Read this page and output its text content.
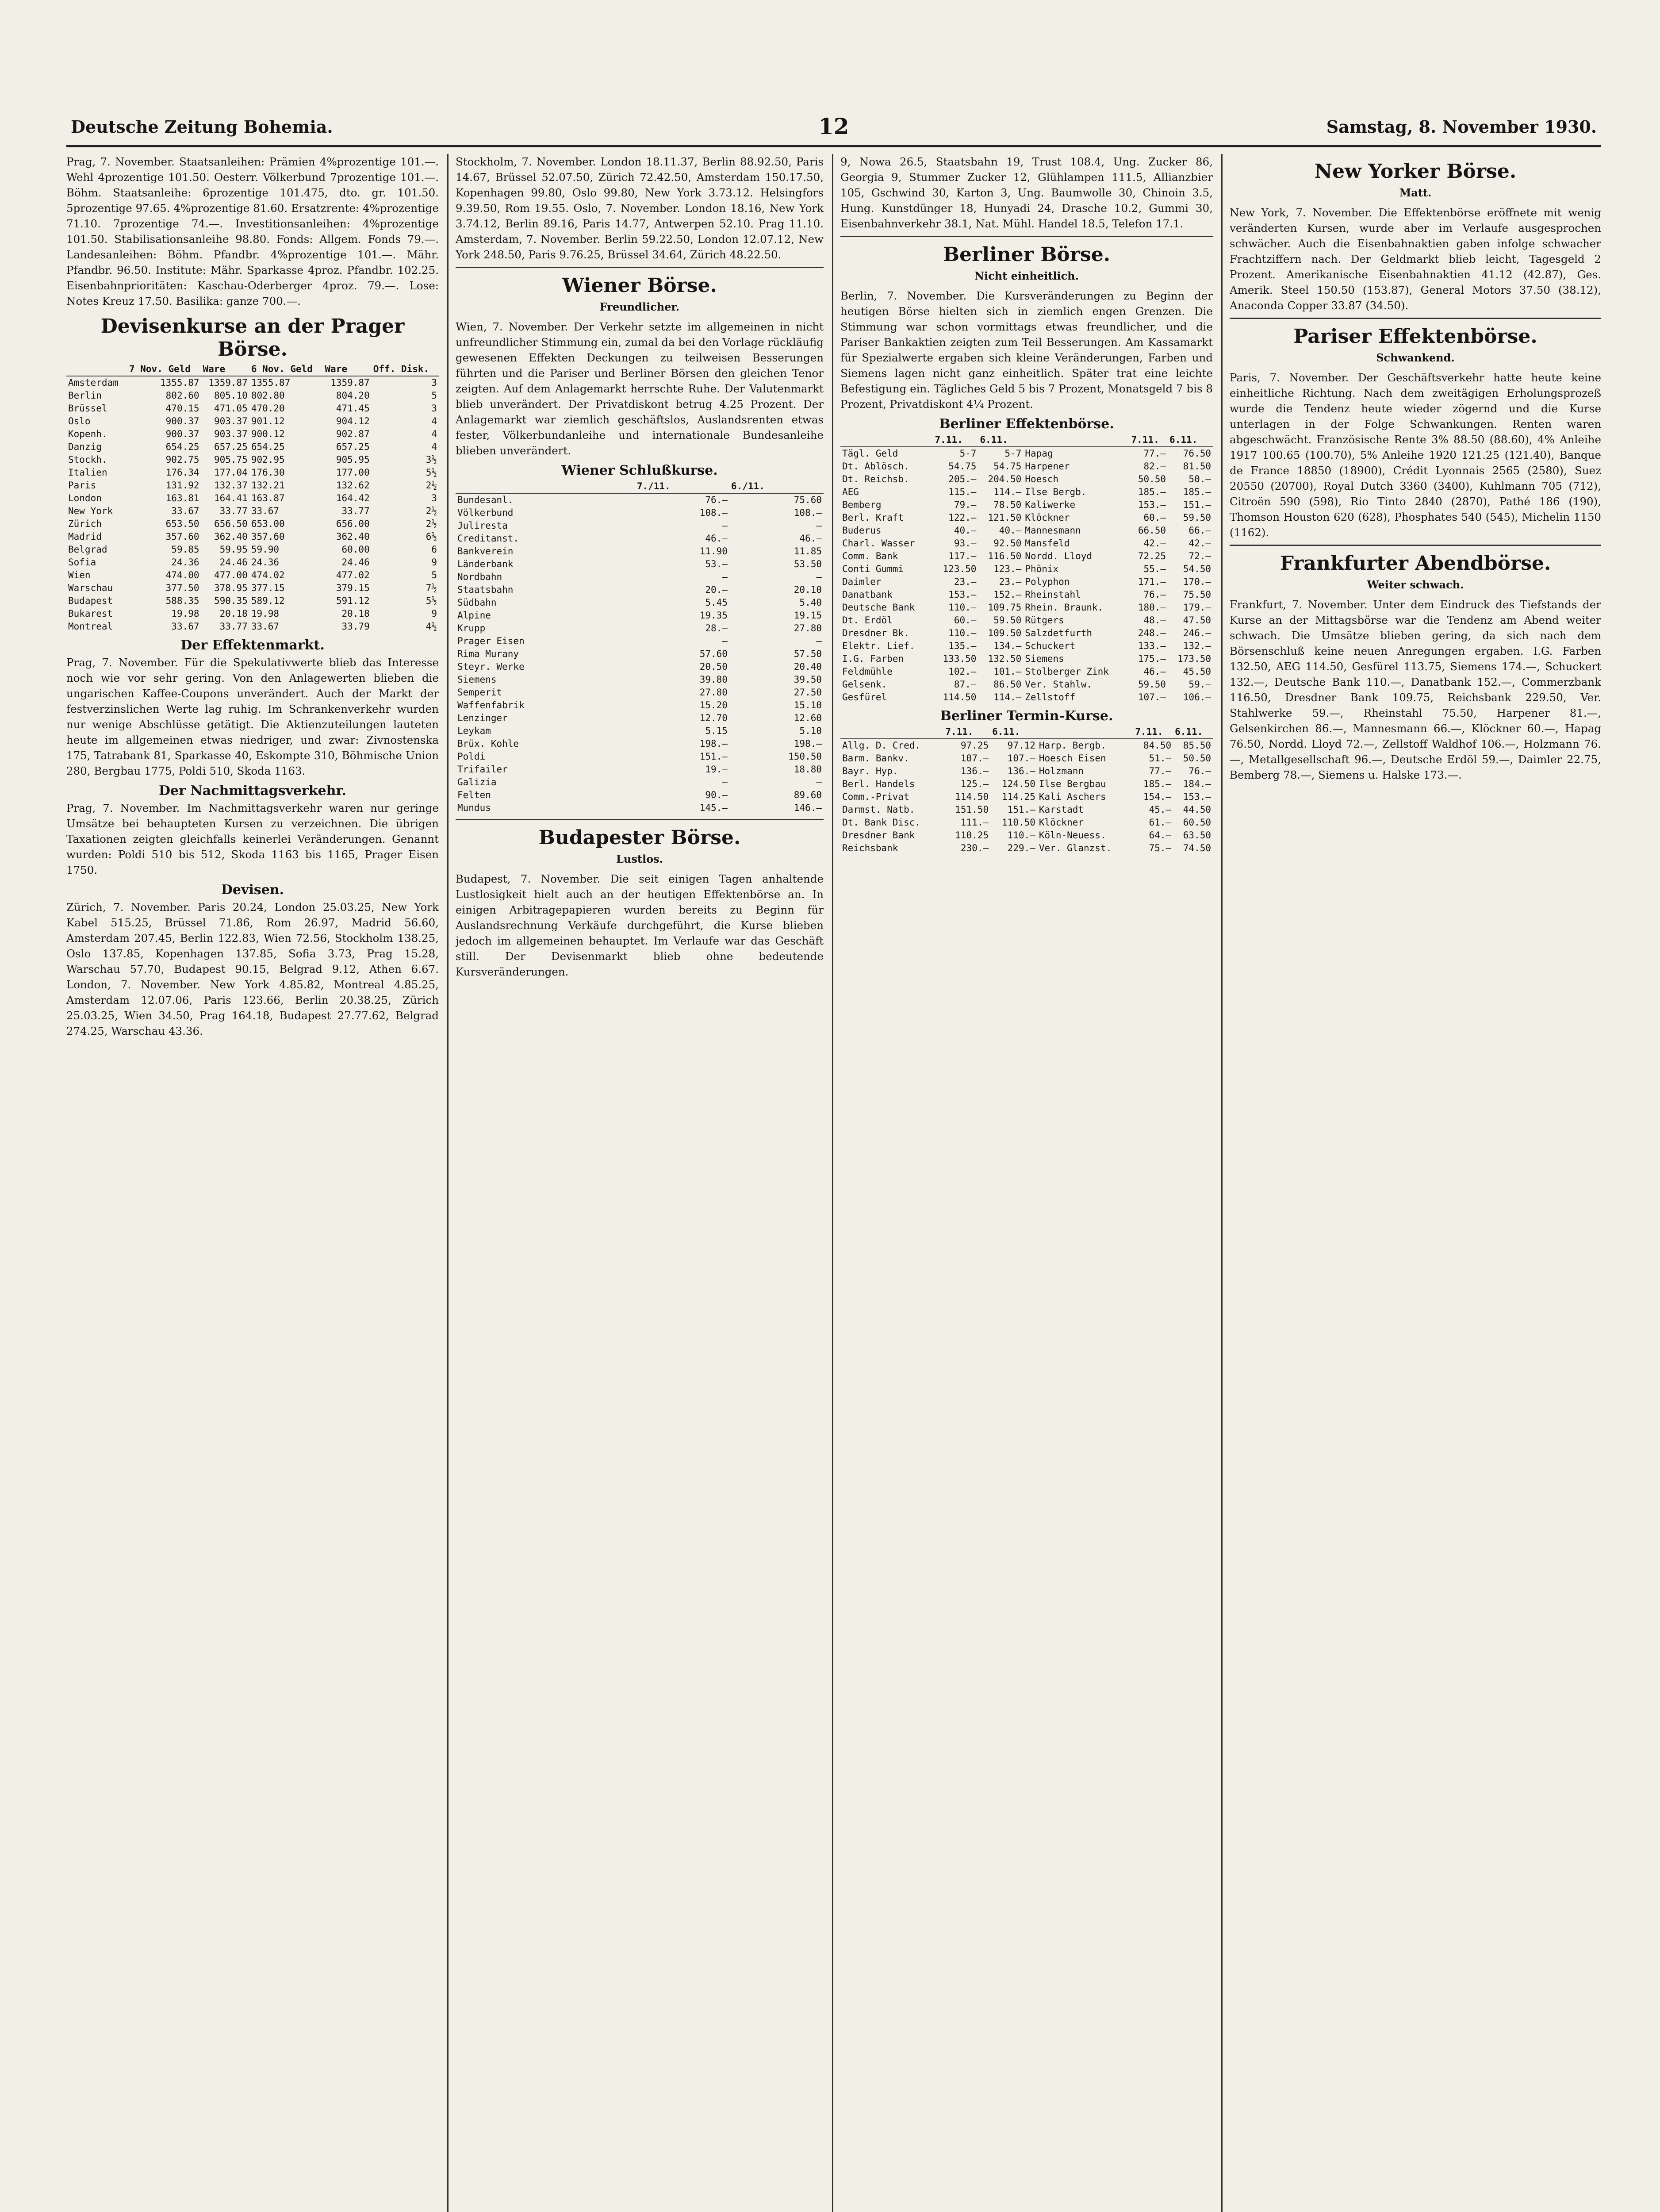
Deutsche Zeitung Bohemia.	12	Samstag, 8. November 1930.

Prag, 7. November. Staatsanleihen: Prämien 4%prozentige 101.—. Wehl 4prozentige 101.50. Oesterr. Völkerbund 7prozentige 101.—. Böhm. Staatsanleihe: 6prozentige 101.475, dto. gr. 101.50. 5prozentige 97.65. 4%prozentige 81.60. Ersatzrente: 4%prozentige 71.10. 7prozentige 74.—. Investitionsanleihen: 4%prozentige 101.50. Stabilisationsanleihe 98.80. Fonds: Allgem. Fonds 79.—. Landesanleihen: Böhm. Pfandbr. 4%prozentige 101.—. Mähr. Pfandbr. 96.50. Institute: Mähr. Sparkasse 4proz. Pfandbr. 102.25. Eisenbahnprioritäten: Kaschau-Oderberger 4proz. 79.—. Lose: Notes Kreuz 17.50. Basilika: ganze 700.—.

Devisenkurse an der Prager Börse.
	7 Nov. Geld	Ware	6 Nov. Geld	Ware	Off. Disk.
Amsterdam	1355.87	1359.87	1355.87	1359.87	3
Berlin	802.60	805.10	802.80	804.20	5
Brüssel	470.15	471.05	470.20	471.45	3
Oslo	900.37	903.37	901.12	904.12	4
Kopenh.	900.37	903.37	900.12	902.87	4
Danzig	654.25	657.25	654.25	657.25	4
Stockh.	902.75	905.75	902.95	905.95	3½
Italien	176.34	177.04	176.30	177.00	5½
Paris	131.92	132.37	132.21	132.62	2½
London	163.81	164.41	163.87	164.42	3
New York	33.67	33.77	33.67	33.77	2½
Zürich	653.50	656.50	653.00	656.00	2½
Madrid	357.60	362.40	357.60	362.40	6½
Belgrad	59.85	59.95	59.90	60.00	6
Sofia	24.36	24.46	24.36	24.46	9
Wien	474.00	477.00	474.02	477.02	5
Warschau	377.50	378.95	377.15	379.15	7½
Budapest	588.35	590.35	589.12	591.12	5½
Bukarest	19.98	20.18	19.98	20.18	9
Montreal	33.67	33.77	33.67	33.79	4½
Der Effektenmarkt.

Prag, 7. November. Für die Spekulativwerte blieb das Interesse noch wie vor sehr gering. Von den Anlagewerten blieben die ungarischen Kaffee-Coupons unverändert. Auch der Markt der festverzinslichen Werte lag ruhig. Im Schrankenverkehr wurden nur wenige Abschlüsse getätigt. Die Aktienzuteilungen lauteten heute im allgemeinen etwas niedriger, und zwar: Zivnostenska 175, Tatrabank 81, Sparkasse 40, Eskompte 310, Böhmische Union 280, Bergbau 1775, Poldi 510, Skoda 1163.

Der Nachmittagsverkehr.

Prag, 7. November. Im Nachmittagsverkehr waren nur geringe Umsätze bei behaupteten Kursen zu verzeichnen. Die übrigen Taxationen zeigten gleichfalls keinerlei Veränderungen. Genannt wurden: Poldi 510 bis 512, Skoda 1163 bis 1165, Prager Eisen 1750.

Devisen.

Zürich, 7. November. Paris 20.24, London 25.03.25, New York Kabel 515.25, Brüssel 71.86, Rom 26.97, Madrid 56.60, Amsterdam 207.45, Berlin 122.83, Wien 72.56, Stockholm 138.25, Oslo 137.85, Kopenhagen 137.85, Sofia 3.73, Prag 15.28, Warschau 57.70, Budapest 90.15, Belgrad 9.12, Athen 6.67. London, 7. November. New York 4.85.82, Montreal 4.85.25, Amsterdam 12.07.06, Paris 123.66, Berlin 20.38.25, Zürich 25.03.25, Wien 34.50, Prag 164.18, Budapest 27.77.62, Belgrad 274.25, Warschau 43.36.

Stockholm, 7. November. London 18.11.37, Berlin 88.92.50, Paris 14.67, Brüssel 52.07.50, Zürich 72.42.50, Amsterdam 150.17.50, Kopenhagen 99.80, Oslo 99.80, New York 3.73.12. Helsingfors 9.39.50, Rom 19.55. Oslo, 7. November. London 18.16, New York 3.74.12, Berlin 89.16, Paris 14.77, Antwerpen 52.10. Prag 11.10. Amsterdam, 7. November. Berlin 59.22.50, London 12.07.12, New York 248.50, Paris 9.76.25, Brüssel 34.64, Zürich 48.22.50.

Wiener Börse.
Freundlicher.

Wien, 7. November. Der Verkehr setzte im allgemeinen in nicht unfreundlicher Stimmung ein, zumal da bei den Vorlage rückläufig gewesenen Effekten Deckungen zu teilweisen Besserungen führten und die Pariser und Berliner Börsen den gleichen Tenor zeigten. Auf dem Anlagemarkt herrschte Ruhe. Der Valutenmarkt blieb unverändert. Der Privatdiskont betrug 4.25 Prozent. Der Anlagemarkt war ziemlich geschäftslos, Auslandsrenten etwas fester, Völkerbundanleihe und internationale Bundesanleihe blieben unverändert.

Wiener Schlußkurse.
	7./11.	6./11.
Bundesanl.	76.—	75.60
Völkerbund	108.—	108.—
Juliresta	—	—
Creditanst.	46.—	46.—
Bankverein	11.90	11.85
Länderbank	53.—	53.50
Nordbahn	—	—
Staatsbahn	20.—	20.10
Südbahn	5.45	5.40
Alpine	19.35	19.15
Krupp	28.—	27.80
Prager Eisen	—	—
Rima Murany	57.60	57.50
Steyr. Werke	20.50	20.40
Siemens	39.80	39.50
Semperit	27.80	27.50
Waffenfabrik	15.20	15.10
Lenzinger	12.70	12.60
Leykam	5.15	5.10
Brüx. Kohle	198.—	198.—
Poldi	151.—	150.50
Trifailer	19.—	18.80
Galizia	—	—
Felten	90.—	89.60
Mundus	145.—	146.—
Budapester Börse.
Lustlos.

Budapest, 7. November. Die seit einigen Tagen anhaltende Lustlosigkeit hielt auch an der heutigen Effektenbörse an. In einigen Arbitragepapieren wurden bereits zu Beginn für Auslandsrechnung Verkäufe durchgeführt, die Kurse blieben jedoch im allgemeinen behauptet. Im Verlaufe war das Geschäft still. Der Devisenmarkt blieb ohne bedeutende Kursveränderungen.

9, Nowa 26.5, Staatsbahn 19, Trust 108.4, Ung. Zucker 86, Georgia 9, Stummer Zucker 12, Glühlampen 111.5, Allianzbier 105, Gschwind 30, Karton 3, Ung. Baumwolle 30, Chinoin 3.5, Hung. Kunstdünger 18, Hunyadi 24, Drasche 10.2, Gummi 30, Eisenbahnverkehr 38.1, Nat. Mühl. Handel 18.5, Telefon 17.1.

Berliner Börse.
Nicht einheitlich.

Berlin, 7. November. Die Kursveränderungen zu Beginn der heutigen Börse hielten sich in ziemlich engen Grenzen. Die Stimmung war schon vormittags etwas freundlicher, und die Pariser Bankaktien zeigten zum Teil Besserungen. Am Kassamarkt für Spezialwerte ergaben sich kleine Veränderungen, Farben und Siemens lagen nicht ganz einheitlich. Später trat eine leichte Befestigung ein. Tägliches Geld 5 bis 7 Prozent, Monatsgeld 7 bis 8 Prozent, Privatdiskont 4¼ Prozent.

Berliner Effektenbörse.
	7.11.	6.11.		7.11.	6.11.
Tägl. Geld	5-7	5-7	Hapag	77.—	76.50
Dt. Ablösch.	54.75	54.75	Harpener	82.—	81.50
Dt. Reichsb.	205.—	204.50	Hoesch	50.50	50.—
AEG	115.—	114.—	Ilse Bergb.	185.—	185.—
Bemberg	79.—	78.50	Kaliwerke	153.—	151.—
Berl. Kraft	122.—	121.50	Klöckner	60.—	59.50
Buderus	40.—	40.—	Mannesmann	66.50	66.—
Charl. Wasser	93.—	92.50	Mansfeld	42.—	42.—
Comm. Bank	117.—	116.50	Nordd. Lloyd	72.25	72.—
Conti Gummi	123.50	123.—	Phönix	55.—	54.50
Daimler	23.—	23.—	Polyphon	171.—	170.—
Danatbank	153.—	152.—	Rheinstahl	76.—	75.50
Deutsche Bank	110.—	109.75	Rhein. Braunk.	180.—	179.—
Dt. Erdöl	60.—	59.50	Rütgers	48.—	47.50
Dresdner Bk.	110.—	109.50	Salzdetfurth	248.—	246.—
Elektr. Lief.	135.—	134.—	Schuckert	133.—	132.—
I.G. Farben	133.50	132.50	Siemens	175.—	173.50
Feldmühle	102.—	101.—	Stolberger Zink	46.—	45.50
Gelsenk.	87.—	86.50	Ver. Stahlw.	59.50	59.—
Gesfürel	114.50	114.—	Zellstoff	107.—	106.—
Berliner Termin-Kurse.
	7.11.	6.11.		7.11.	6.11.
Allg. D. Cred.	97.25	97.12	Harp. Bergb.	84.50	85.50
Barm. Bankv.	107.—	107.—	Hoesch Eisen	51.—	50.50
Bayr. Hyp.	136.—	136.—	Holzmann	77.—	76.—
Berl. Handels	125.—	124.50	Ilse Bergbau	185.—	184.—
Comm.-Privat	114.50	114.25	Kali Aschers	154.—	153.—
Darmst. Natb.	151.50	151.—	Karstadt	45.—	44.50
Dt. Bank Disc.	111.—	110.50	Klöckner	61.—	60.50
Dresdner Bank	110.25	110.—	Köln-Neuess.	64.—	63.50
Reichsbank	230.—	229.—	Ver. Glanzst.	75.—	74.50
New Yorker Börse.
Matt.

New York, 7. November. Die Effektenbörse eröffnete mit wenig veränderten Kursen, wurde aber im Verlaufe ausgesprochen schwächer. Auch die Eisenbahnaktien gaben infolge schwacher Frachtziffern nach. Der Geldmarkt blieb leicht, Tagesgeld 2 Prozent. Amerikanische Eisenbahnaktien 41.12 (42.87), Ges. Amerik. Steel 150.50 (153.87), General Motors 37.50 (38.12), Anaconda Copper 33.87 (34.50).

Pariser Effektenbörse.
Schwankend.

Paris, 7. November. Der Geschäftsverkehr hatte heute keine einheitliche Richtung. Nach dem zweitägigen Erholungsprozeß wurde die Tendenz heute wieder zögernd und die Kurse unterlagen in der Folge Schwankungen. Renten waren abgeschwächt. Französische Rente 3% 88.50 (88.60), 4% Anleihe 1917 100.65 (100.70), 5% Anleihe 1920 121.25 (121.40), Banque de France 18850 (18900), Crédit Lyonnais 2565 (2580), Suez 20550 (20700), Royal Dutch 3360 (3400), Kuhlmann 705 (712), Citroën 590 (598), Rio Tinto 2840 (2870), Pathé 186 (190), Thomson Houston 620 (628), Phosphates 540 (545), Michelin 1150 (1162).

Frankfurter Abendbörse.
Weiter schwach.

Frankfurt, 7. November. Unter dem Eindruck des Tiefstands der Kurse an der Mittagsbörse war die Tendenz am Abend weiter schwach. Die Umsätze blieben gering, da sich nach dem Börsenschluß keine neuen Anregungen ergaben. I.G. Farben 132.50, AEG 114.50, Gesfürel 113.75, Siemens 174.—, Schuckert 132.—, Deutsche Bank 110.—, Danatbank 152.—, Commerzbank 116.50, Dresdner Bank 109.75, Reichsbank 229.50, Ver. Stahlwerke 59.—, Rheinstahl 75.50, Harpener 81.—, Gelsenkirchen 86.—, Mannesmann 66.—, Klöckner 60.—, Hapag 76.50, Nordd. Lloyd 72.—, Zellstoff Waldhof 106.—, Holzmann 76.—, Metallgesellschaft 96.—, Deutsche Erdöl 59.—, Daimler 22.75, Bemberg 78.—, Siemens u. Halske 173.—.
